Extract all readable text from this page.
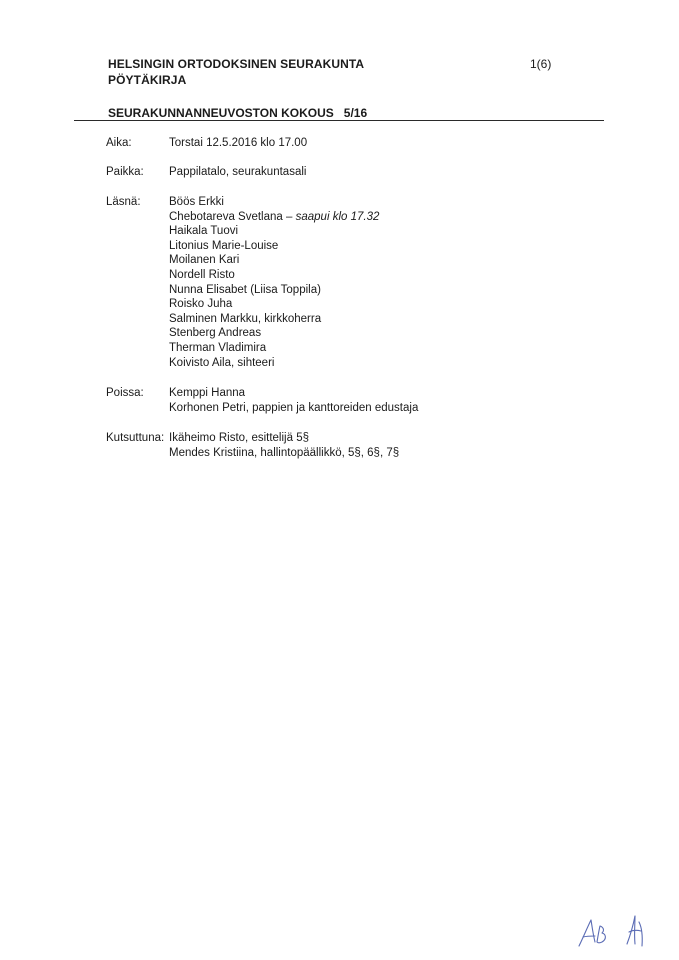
HELSINGIN ORTODOKSINEN SEURAKUNTA
PÖYTÄKIRJA
1(6)
SEURAKUNNANNEUVOSTON KOKOUS 5/16
Aika:	Torstai 12.5.2016 klo 17.00
Paikka: Pappilatalo, seurakuntasali
Läsnä: Böös Erkki
Chebotareva Svetlana – saapui klo 17.32
Haikala Tuovi
Litonius Marie-Louise
Moilanen Kari
Nordell Risto
Nunna Elisabet (Liisa Toppila)
Roisko Juha
Salminen Markku, kirkkoherra
Stenberg Andreas
Therman Vladimira
Koivisto Aila, sihteeri
Poissa: Kemppi Hanna
Korhonen Petri, pappien ja kanttoreiden edustaja
Kutsuttuna: Ikäheimo Risto, esittelijä 5§
Mendes Kristiina, hallintopäällikkö, 5§, 6§, 7§
